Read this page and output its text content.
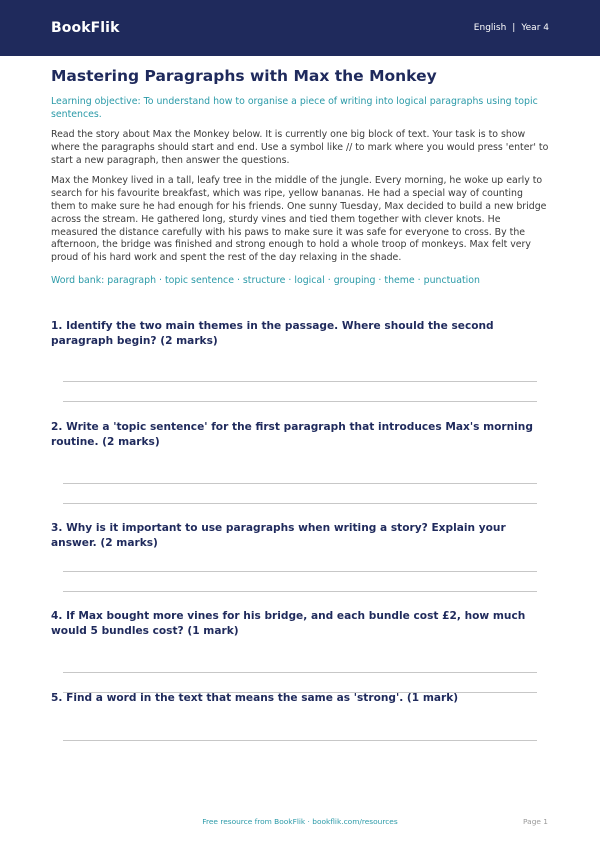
BookFlik	English | Year 4
Mastering Paragraphs with Max the Monkey
Learning objective: To understand how to organise a piece of writing into logical paragraphs using topic sentences.
Read the story about Max the Monkey below. It is currently one big block of text. Your task is to show where the paragraphs should start and end. Use a symbol like // to mark where you would press 'enter' to start a new paragraph, then answer the questions.
Max the Monkey lived in a tall, leafy tree in the middle of the jungle. Every morning, he woke up early to search for his favourite breakfast, which was ripe, yellow bananas. He had a special way of counting them to make sure he had enough for his friends. One sunny Tuesday, Max decided to build a new bridge across the stream. He gathered long, sturdy vines and tied them together with clever knots. He measured the distance carefully with his paws to make sure it was safe for everyone to cross. By the afternoon, the bridge was finished and strong enough to hold a whole troop of monkeys. Max felt very proud of his hard work and spent the rest of the day relaxing in the shade.
Word bank: paragraph · topic sentence · structure · logical · grouping · theme · punctuation
1. Identify the two main themes in the passage. Where should the second paragraph begin? (2 marks)
2. Write a 'topic sentence' for the first paragraph that introduces Max's morning routine. (2 marks)
3. Why is it important to use paragraphs when writing a story? Explain your answer. (2 marks)
4. If Max bought more vines for his bridge, and each bundle cost £2, how much would 5 bundles cost? (1 mark)
5. Find a word in the text that means the same as 'strong'. (1 mark)
Free resource from BookFlik · bookflik.com/resources	Page 1
